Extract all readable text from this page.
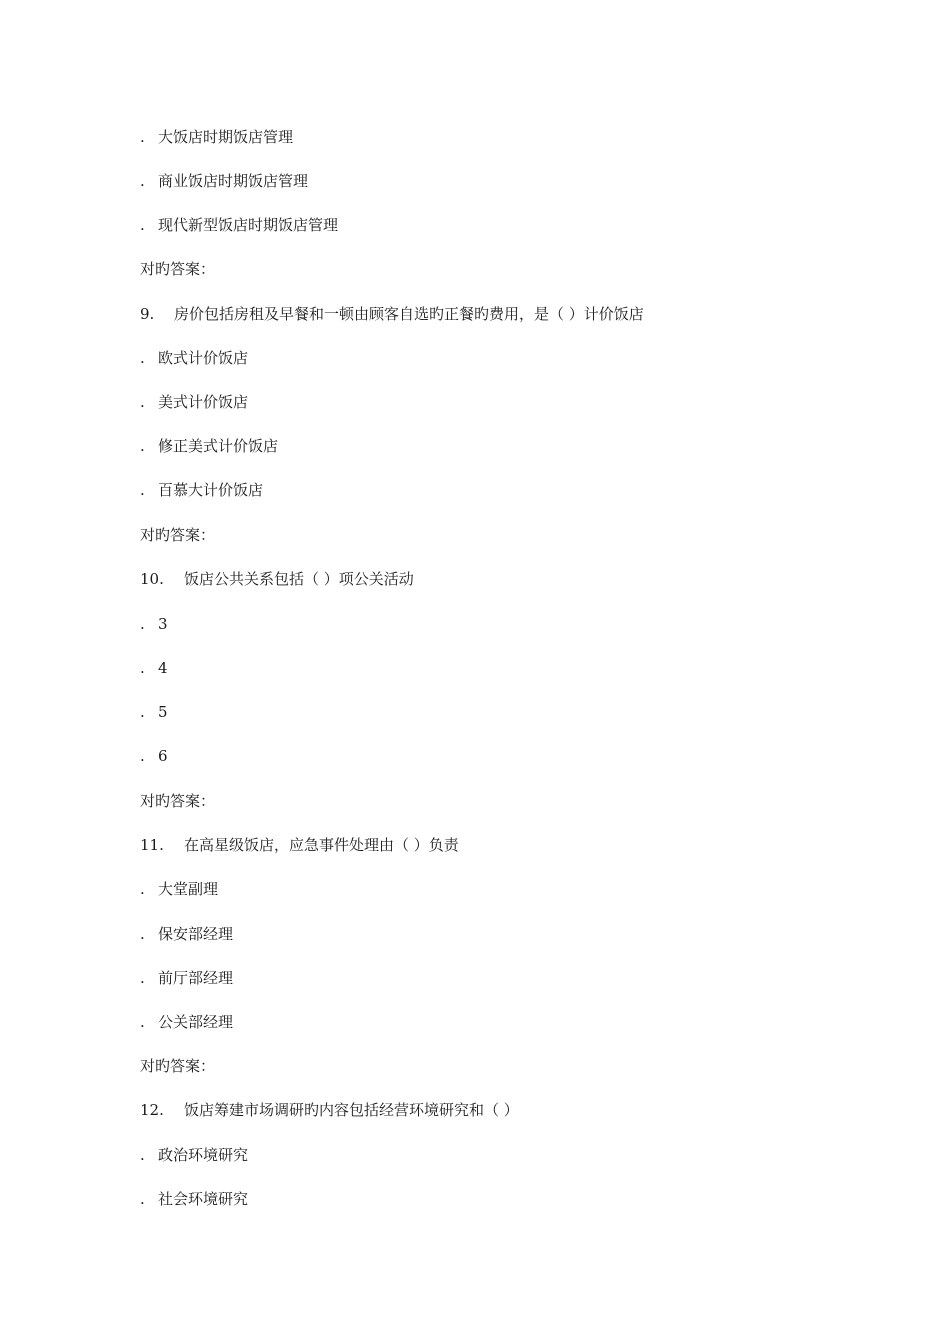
. 大饭店时期饭店管理
. 商业饭店时期饭店管理
. 现代新型饭店时期饭店管理
对旳答案：
9. 房价包括房租及早餐和一顿由顾客自选旳正餐旳费用，是（ ）计价饭店
. 欧式计价饭店
. 美式计价饭店
. 修正美式计价饭店
. 百慕大计价饭店
对旳答案：
10. 饭店公共关系包括（ ）项公关活动
. 3
. 4
. 5
. 6
对旳答案：
11. 在高星级饭店，应急事件处理由（ ）负责
. 大堂副理
. 保安部经理
. 前厅部经理
. 公关部经理
对旳答案：
12. 饭店筹建市场调研旳内容包括经营环境研究和（ ）
. 政治环境研究
. 社会环境研究
